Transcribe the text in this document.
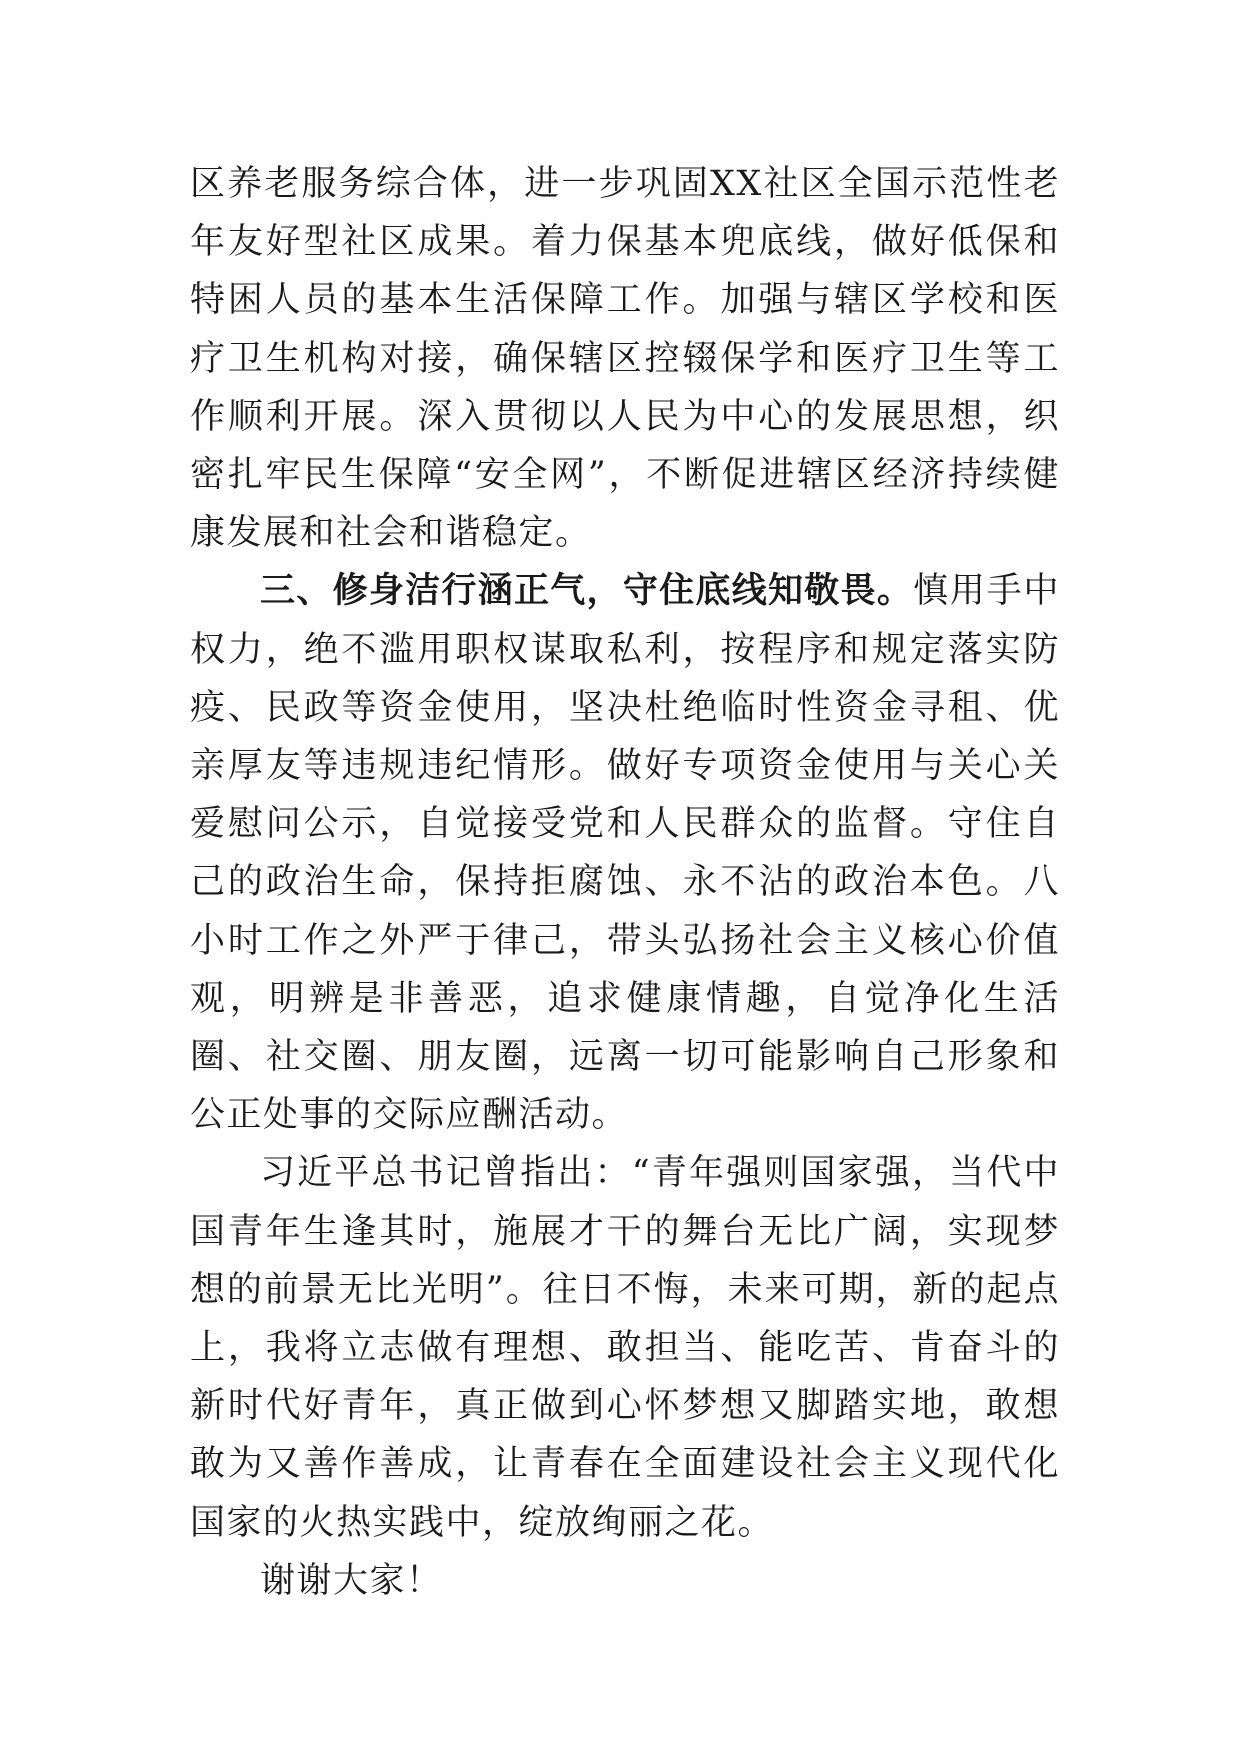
区养老服务综合体，进一步巩固XX社区全国示范性老年友好型社区成果。着力保基本兜底线，做好低保和特困人员的基本生活保障工作。加强与辖区学校和医疗卫生机构对接，确保辖区控辍保学和医疗卫生等工作顺利开展。深入贯彻以人民为中心的发展思想，织密扎牢民生保障“安全网”，不断促进辖区经济持续健康发展和社会和谐稳定。

三、修身洁行涵正气，守住底线知敬畏。慎用手中权力，绝不滥用职权谋取私利，按程序和规定落实防疫、民政等资金使用，坚决杜绝临时性资金寻租、优亲厚友等违规违纪情形。做好专项资金使用与关心关爱慰问公示，自觉接受党和人民群众的监督。守住自己的政治生命，保持拒腐蚀、永不沾的政治本色。八小时工作之外严于律己，带头弘扬社会主义核心价值观，明辨是非善恶，追求健康情趣，自觉净化生活圈、社交圈、朋友圈，远离一切可能影响自己形象和公正处事的交际应酬活动。

习近平总书记曾指出：“青年强则国家强，当代中国青年生逢其时，施展才干的舞台无比广阔，实现梦想的前景无比光明”。往日不悔，未来可期，新的起点上，我将立志做有理想、敢担当、能吃苦、肯奋斗的新时代好青年，真正做到心怀梦想又脚踏实地，敢想敢为又善作善成，让青春在全面建设社会主义现代化国家的火热实践中，绽放绚丽之花。

谢谢大家！
